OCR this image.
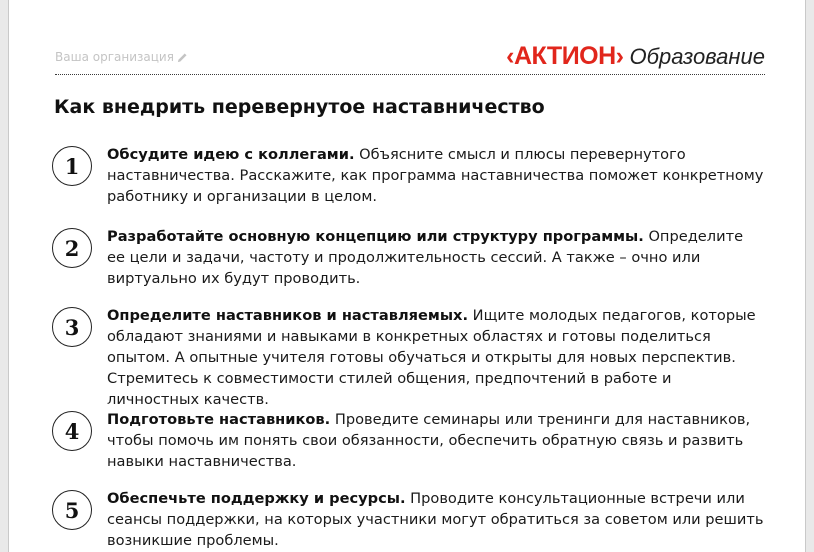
Ваша организация	‹АКТИОН› Образование
Как внедрить перевернутое наставничество
1	Обсудите идею с коллегами. Объясните смысл и плюсы перевернутого наставничества. Расскажите, как программа наставничества поможет конкретному работнику и организации в целом.

2	Разработайте основную концепцию или структуру программы. Определите ее цели и задачи, частоту и продолжительность сессий. А также – очно или виртуально их будут проводить.

3	Определите наставников и наставляемых. Ищите молодых педагогов, которые обладают знаниями и навыками в конкретных областях и готовы поделиться опытом. А опытные учителя готовы обучаться и открыты для новых перспектив. Стремитесь к совместимости стилей общения, предпочтений в работе и личностных качеств.

4	Подготовьте наставников. Проведите семинары или тренинги для наставников, чтобы помочь им понять свои обязанности, обеспечить обратную связь и развить навыки наставничества.

5	Обеспечьте поддержку и ресурсы. Проводите консультационные встречи или сеансы поддержки, на которых участники могут обратиться за советом или решить возникшие проблемы.
